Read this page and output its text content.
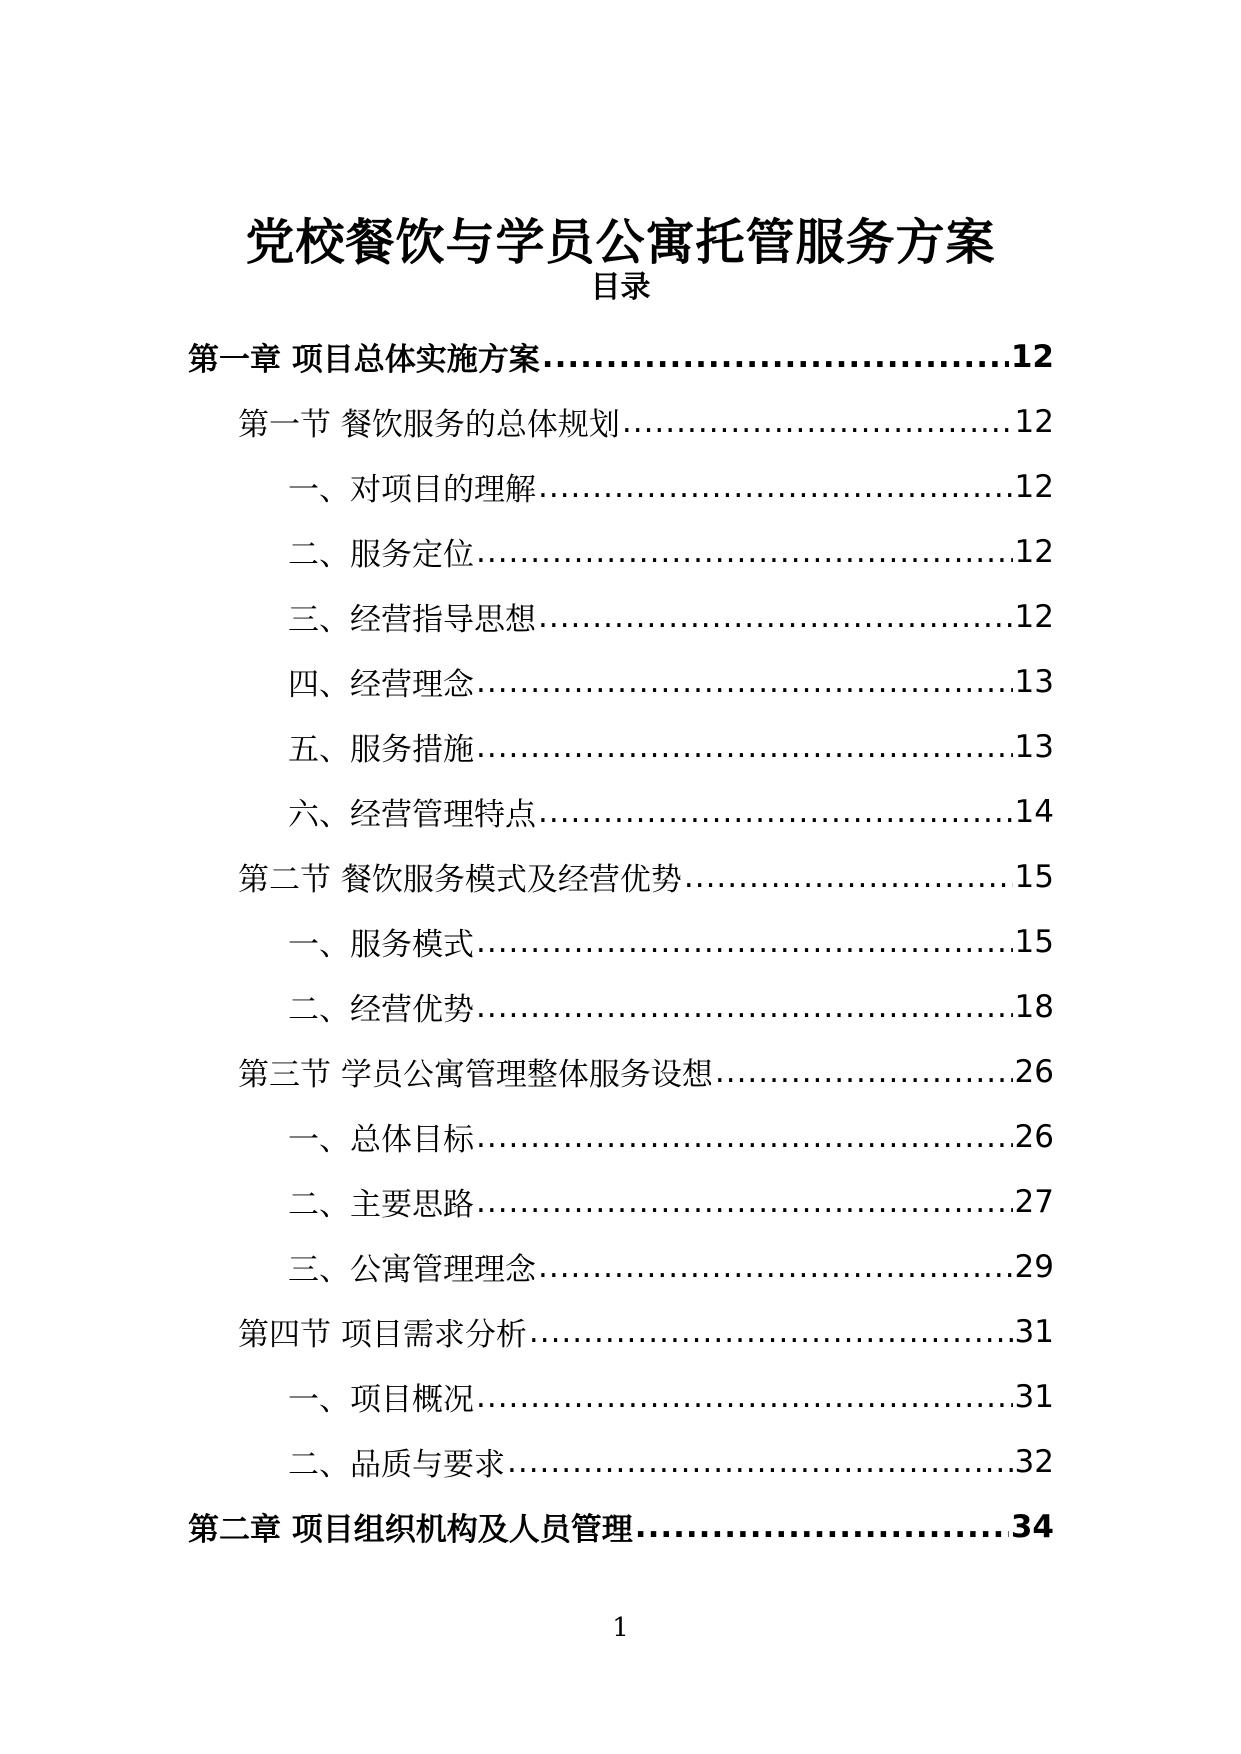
党校餐饮与学员公寓托管服务方案
目录
第一章 项目总体实施方案 .....	12
第一节 餐饮服务的总体规划 .....	12
一、对项目的理解 .....	12
二、服务定位 .....	12
三、经营指导思想 .....	12
四、经营理念 .....	13
五、服务措施 .....	13
六、经营管理特点 .....	14
第二节 餐饮服务模式及经营优势 .....	15
一、服务模式 .....	15
二、经营优势 .....	18
第三节 学员公寓管理整体服务设想 .....	26
一、总体目标 .....	26
二、主要思路 .....	27
三、公寓管理理念 .....	29
第四节 项目需求分析 .....	31
一、项目概况 .....	31
二、品质与要求 .....	32
第二章 项目组织机构及人员管理 .....	34
1
